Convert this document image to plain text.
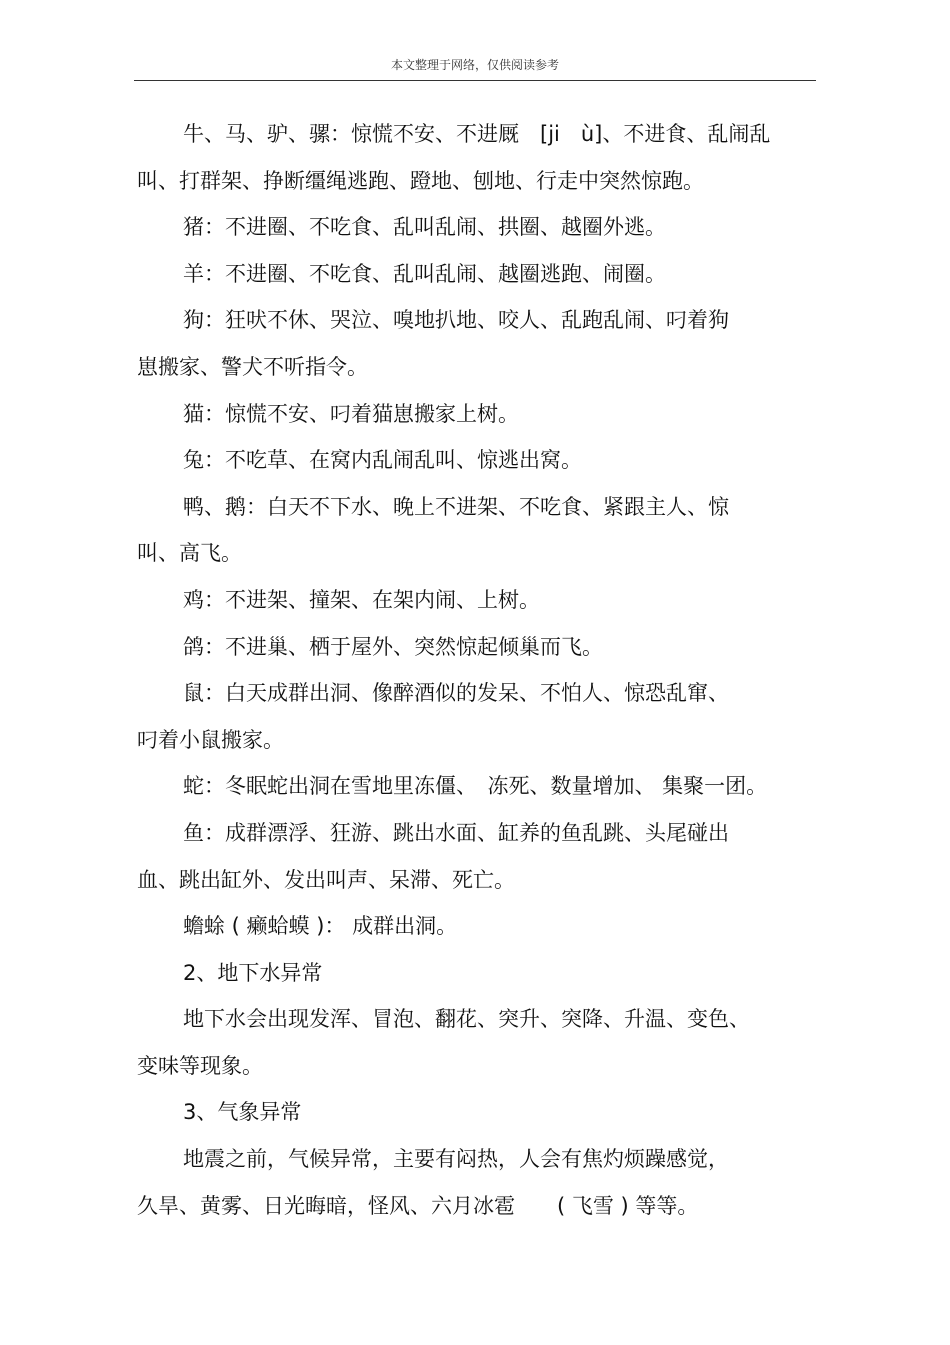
本文整理于网络，仅供阅读参考
牛、马、驴、骡：惊慌不安、不进厩　[ji　ù]、不进食、乱闹乱
叫、打群架、挣断缰绳逃跑、蹬地、刨地、行走中突然惊跑。
猪：不进圈、不吃食、乱叫乱闹、拱圈、越圈外逃。
羊：不进圈、不吃食、乱叫乱闹、越圈逃跑、闹圈。
狗：狂吠不休、哭泣、嗅地扒地、咬人、乱跑乱闹、叼着狗
崽搬家、警犬不听指令。
猫：惊慌不安、叼着猫崽搬家上树。
兔：不吃草、在窝内乱闹乱叫、惊逃出窝。
鸭、鹅：白天不下水、晚上不进架、不吃食、紧跟主人、惊
叫、高飞。
鸡：不进架、撞架、在架内闹、上树。
鸽：不进巢、栖于屋外、突然惊起倾巢而飞。
鼠：白天成群出洞、像醉酒似的发呆、不怕人、惊恐乱窜、
叼着小鼠搬家。
蛇：冬眠蛇出洞在雪地里冻僵、　冻死、数量增加、 集聚一团。
鱼：成群漂浮、狂游、跳出水面、缸养的鱼乱跳、头尾碰出
血、跳出缸外、发出叫声、呆滞、死亡。
蟾蜍 ( 癞蛤蟆 )： 成群出洞。
2、地下水异常
地下水会出现发浑、冒泡、翻花、突升、突降、升温、变色、
变味等现象。
3、气象异常
地震之前，气候异常，主要有闷热，人会有焦灼烦躁感觉，
久旱、黄雾、日光晦暗，怪风、六月冰雹　　( 飞雪 ) 等等。
